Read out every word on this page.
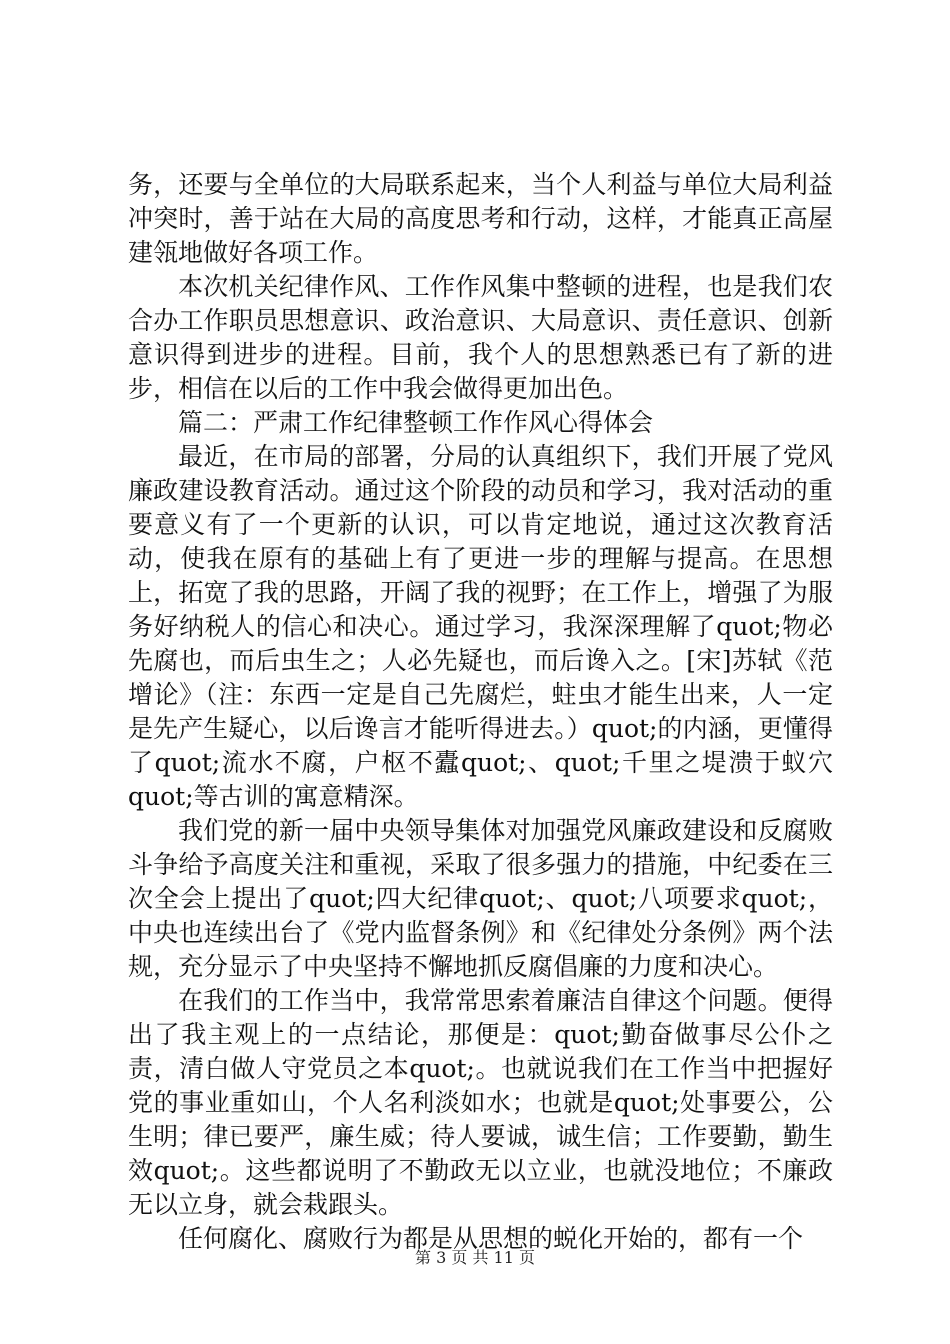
务，还要与全单位的大局联系起来，当个人利益与单位大局利益冲突时，善于站在大局的高度思考和行动，这样，才能真正高屋建瓴地做好各项工作。

本次机关纪律作风、工作作风集中整顿的进程，也是我们农合办工作职员思想意识、政治意识、大局意识、责任意识、创新意识得到进步的进程。目前，我个人的思想熟悉已有了新的进步，相信在以后的工作中我会做得更加出色。

篇二：严肃工作纪律整顿工作作风心得体会

最近，在市局的部署，分局的认真组织下，我们开展了党风廉政建设教育活动。通过这个阶段的动员和学习，我对活动的重要意义有了一个更新的认识，可以肯定地说，通过这次教育活动，使我在原有的基础上有了更进一步的理解与提高。在思想上，拓宽了我的思路，开阔了我的视野；在工作上，增强了为服务好纳税人的信心和决心。通过学习，我深深理解了quot;物必先腐也，而后虫生之；人必先疑也，而后谗入之。[宋]苏轼《范增论》（注：东西一定是自己先腐烂，蛀虫才能生出来，人一定是先产生疑心，以后谗言才能听得进去。）quot;的内涵，更懂得了quot;流水不腐，户枢不蠹quot;、quot;千里之堤溃于蚁穴quot;等古训的寓意精深。

我们党的新一届中央领导集体对加强党风廉政建设和反腐败斗争给予高度关注和重视，采取了很多强力的措施，中纪委在三次全会上提出了quot;四大纪律quot;、quot;八项要求quot;，中央也连续出台了《党内监督条例》和《纪律处分条例》两个法规，充分显示了中央坚持不懈地抓反腐倡廉的力度和决心。

在我们的工作当中，我常常思索着廉洁自律这个问题。便得出了我主观上的一点结论，那便是：quot;勤奋做事尽公仆之责，清白做人守党员之本quot;。也就说我们在工作当中把握好党的事业重如山，个人名利淡如水；也就是quot;处事要公，公生明；律已要严，廉生威；待人要诚，诚生信；工作要勤，勤生效quot;。这些都说明了不勤政无以立业，也就没地位；不廉政无以立身，就会栽跟头。

任何腐化、腐败行为都是从思想的蜕化开始的，都有一个

第 3 页 共 11 页
